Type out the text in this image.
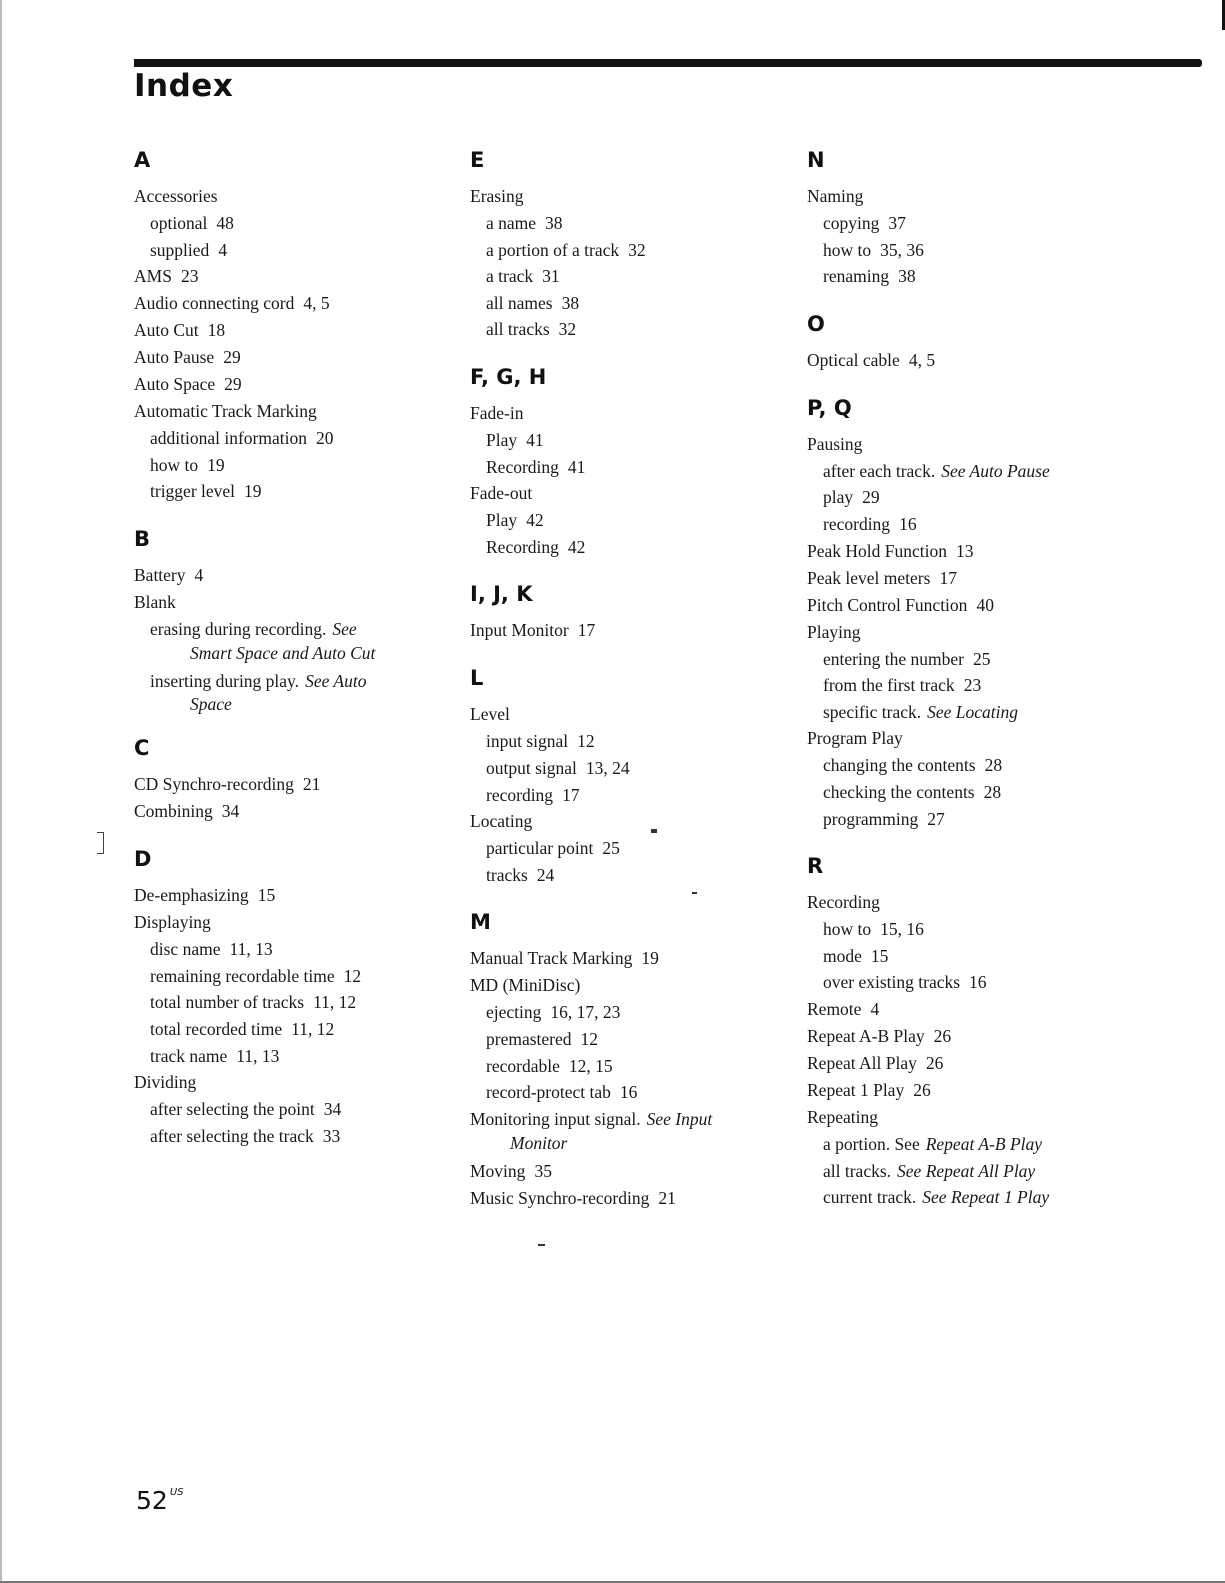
Index
A
Accessories
optional 48
supplied 4
AMS 23
Audio connecting cord 4, 5
Auto Cut 18
Auto Pause 29
Auto Space 29
Automatic Track Marking
additional information 20
how to 19
trigger level 19
B
Battery 4
Blank
erasing during recording. See
Smart Space and Auto Cut
inserting during play. See Auto
Space
C
CD Synchro-recording 21
Combining 34
D
De-emphasizing 15
Displaying
disc name 11, 13
remaining recordable time 12
total number of tracks 11, 12
total recorded time 11, 12
track name 11, 13
Dividing
after selecting the point 34
after selecting the track 33
E
Erasing
a name 38
a portion of a track 32
a track 31
all names 38
all tracks 32
F, G, H
Fade-in
Play 41
Recording 41
Fade-out
Play 42
Recording 42
I, J, K
Input Monitor 17
L
Level
input signal 12
output signal 13, 24
recording 17
Locating
particular point 25
tracks 24
M
Manual Track Marking 19
MD (MiniDisc)
ejecting 16, 17, 23
premastered 12
recordable 12, 15
record-protect tab 16
Monitoring input signal. See Input
Monitor
Moving 35
Music Synchro-recording 21
N
Naming
copying 37
how to 35, 36
renaming 38
O
Optical cable 4, 5
P, Q
Pausing
after each track. See Auto Pause
play 29
recording 16
Peak Hold Function 13
Peak level meters 17
Pitch Control Function 40
Playing
entering the number 25
from the first track 23
specific track. See Locating
Program Play
changing the contents 28
checking the contents 28
programming 27
R
Recording
how to 15, 16
mode 15
over existing tracks 16
Remote 4
Repeat A-B Play 26
Repeat All Play 26
Repeat 1 Play 26
Repeating
a portion. See Repeat A-B Play
all tracks. See Repeat All Play
current track. See Repeat 1 Play
52 $^{US}$
